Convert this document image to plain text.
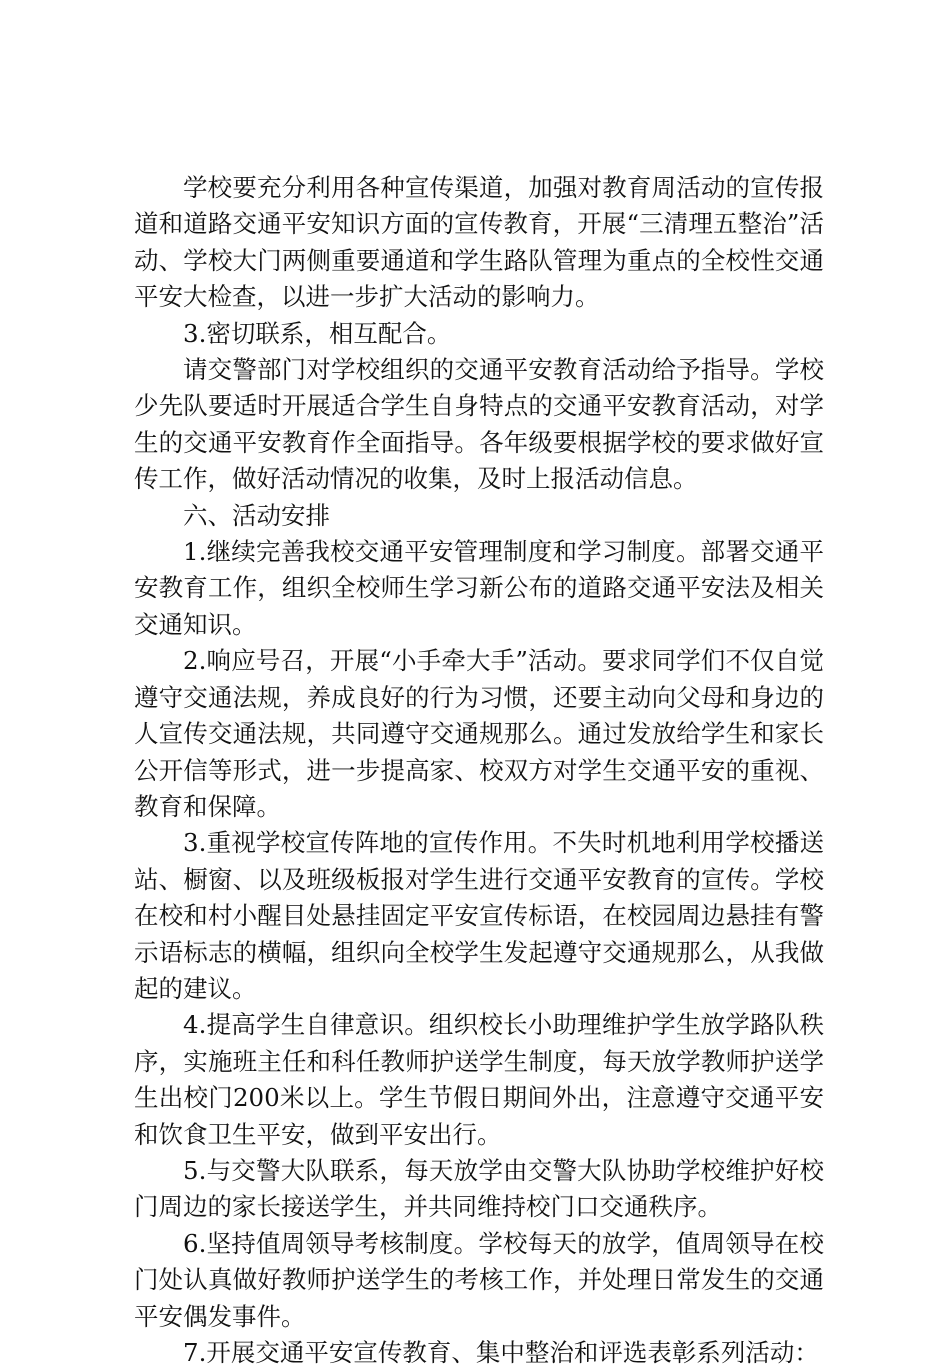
学校要充分利用各种宣传渠道，加强对教育周活动的宣传报道和道路交通平安知识方面的宣传教育，开展“三清理五整治”活动、学校大门两侧重要通道和学生路队管理为重点的全校性交通平安大检查，以进一步扩大活动的影响力。

3.密切联系，相互配合。

请交警部门对学校组织的交通平安教育活动给予指导。学校少先队要适时开展适合学生自身特点的交通平安教育活动，对学生的交通平安教育作全面指导。各年级要根据学校的要求做好宣传工作，做好活动情况的收集，及时上报活动信息。

六、活动安排

1.继续完善我校交通平安管理制度和学习制度。部署交通平安教育工作，组织全校师生学习新公布的道路交通平安法及相关交通知识。

2.响应号召，开展“小手牵大手”活动。要求同学们不仅自觉遵守交通法规，养成良好的行为习惯，还要主动向父母和身边的人宣传交通法规，共同遵守交通规那么。通过发放给学生和家长公开信等形式，进一步提高家、校双方对学生交通平安的重视、教育和保障。

3.重视学校宣传阵地的宣传作用。不失时机地利用学校播送站、橱窗、以及班级板报对学生进行交通平安教育的宣传。学校在校和村小醒目处悬挂固定平安宣传标语，在校园周边悬挂有警示语标志的横幅，组织向全校学生发起遵守交通规那么，从我做起的建议。

4.提高学生自律意识。组织校长小助理维护学生放学路队秩序，实施班主任和科任教师护送学生制度，每天放学教师护送学生出校门200米以上。学生节假日期间外出，注意遵守交通平安和饮食卫生平安，做到平安出行。

5.与交警大队联系，每天放学由交警大队协助学校维护好校门周边的家长接送学生，并共同维持校门口交通秩序。

6.坚持值周领导考核制度。学校每天的放学，值周领导在校门处认真做好教师护送学生的考核工作，并处理日常发生的交通平安偶发事件。

7.开展交通平安宣传教育、集中整治和评选表彰系列活动：
